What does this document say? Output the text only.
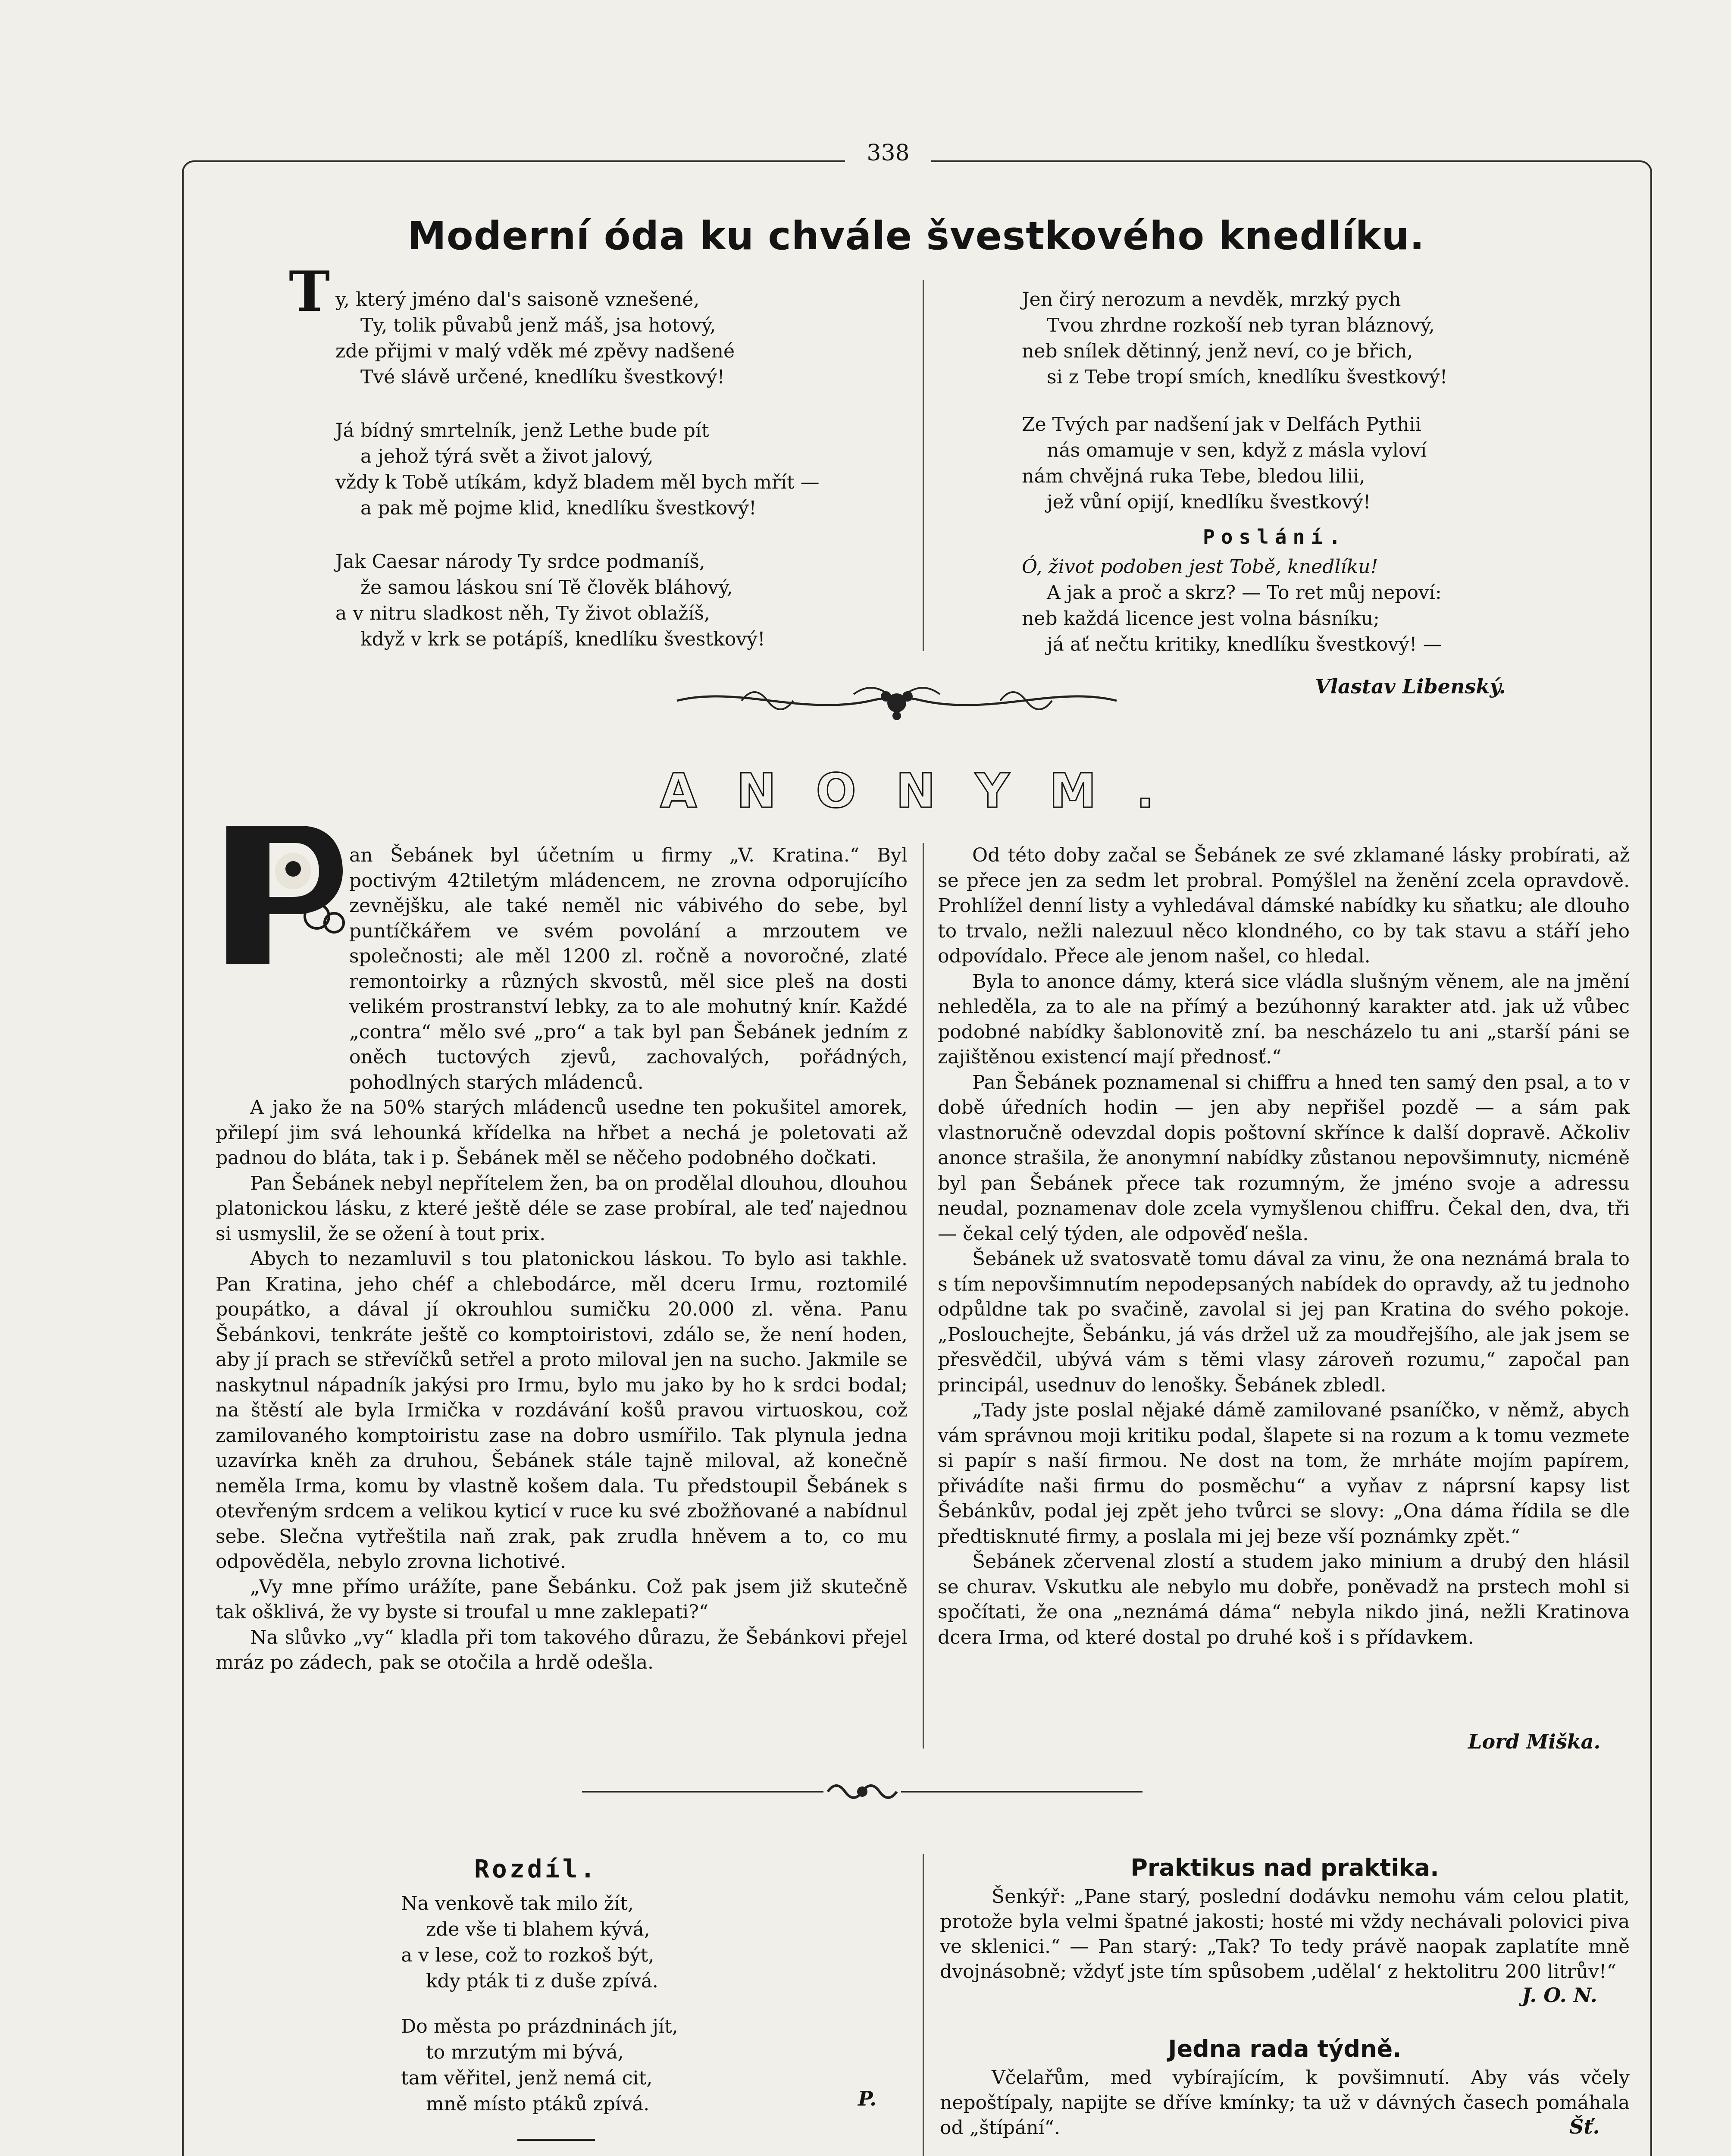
338
Moderní óda ku chvále švestkového knedlíku.
T y, který jméno dal's saisoně vznešené,

Ty, tolik půvabů jenž máš, jsa hotový,

zde přijmi v malý vděk mé zpěvy nadšené

Tvé slávě určené, knedlíku švestkový!

Já bídný smrtelník, jenž Lethe bude pít

a jehož týrá svět a život jalový,

vždy k Tobě utíkám, když bladem měl bych mřít —

a pak mě pojme klid, knedlíku švestkový!

Jak Caesar národy Ty srdce podmaníš,

že samou láskou sní Tě člověk bláhový,

a v nitru sladkost něh, Ty život oblažíš,

když v krk se potápíš, knedlíku švestkový!

Jen čirý nerozum a nevděk, mrzký pych

Tvou zhrdne rozkoší neb tyran bláznový,

neb snílek dětinný, jenž neví, co je břich,

si z Tebe tropí smích, knedlíku švestkový!

Ze Tvých par nadšení jak v Delfách Pythii

nás omamuje v sen, když z másla vyloví

nám chvějná ruka Tebe, bledou lilii,

jež vůní opijí, knedlíku švestkový!

Poslání.

Ó, život podoben jest Tobě, knedlíku!

A jak a proč a skrz? — To ret můj nepoví:

neb každá licence jest volna básníku;

já ať nečtu kritiky, knedlíku švestkový! —

Vlastav Libenský.
ANONYM.
P

an Šebánek byl účetním u firmy „V. Kratina.“ Byl poctivým 42tiletým mládencem, ne zrovna odporujícího zevnějšku, ale také neměl nic vábivého do sebe, byl puntíčkářem ve svém povolání a mrzoutem ve společnosti; ale měl 1200 zl. ročně a novoročné, zlaté remontoirky a různých skvostů, měl sice pleš na dosti velikém prostranství lebky, za to ale mohutný knír. Každé „contra“ mělo své „pro“ a tak byl pan Šebánek jedním z oněch tuctových zjevů, zachovalých, pořádných, pohodlných starých mládenců.

A jako že na 50% starých mládenců usedne ten pokušitel amorek, přilepí jim svá lehounká křídelka na hřbet a nechá je poletovati až padnou do bláta, tak i p. Šebánek měl se něčeho podobného dočkati.

Pan Šebánek nebyl nepřítelem žen, ba on prodělal dlouhou, dlouhou platonickou lásku, z které ještě déle se zase probíral, ale teď najednou si usmyslil, že se ožení à tout prix.

Abych to nezamluvil s tou platonickou láskou. To bylo asi takhle. Pan Kratina, jeho chéf a chlebodárce, měl dceru Irmu, roztomilé poupátko, a dával jí okrouhlou sumičku 20.000 zl. věna. Panu Šebánkovi, tenkráte ještě co komptoiristovi, zdálo se, že není hoden, aby jí prach se střevíčků setřel a proto miloval jen na sucho. Jakmile se naskytnul nápadník jakýsi pro Irmu, bylo mu jako by ho k srdci bodal; na štěstí ale byla Irmička v rozdávání košů pravou virtuoskou, což zamilovaného komptoiristu zase na dobro usmířilo. Tak plynula jedna uzavírka kněh za druhou, Šebánek stále tajně miloval, až konečně neměla Irma, komu by vlastně košem dala. Tu předstoupil Šebánek s otevřeným srdcem a velikou kyticí v ruce ku své zbožňované a nabídnul sebe. Slečna vytřeštila naň zrak, pak zrudla hněvem a to, co mu odpověděla, nebylo zrovna lichotivé.

„Vy mne přímo urážíte, pane Šebánku. Což pak jsem již skutečně tak ošklivá, že vy byste si troufal u mne zaklepati?“

Na slůvko „vy“ kladla při tom takového důrazu, že Šebánkovi přejel mráz po zádech, pak se otočila a hrdě odešla.

Od této doby začal se Šebánek ze své zklamané lásky probírati, až se přece jen za sedm let probral. Pomýšlel na ženění zcela opravdově. Prohlížel denní listy a vyhledával dámské nabídky ku sňatku; ale dlouho to trvalo, nežli nalezuul něco klondného, co by tak stavu a stáří jeho odpovídalo. Přece ale jenom našel, co hledal.

Byla to anonce dámy, která sice vládla slušným věnem, ale na jmění nehleděla, za to ale na přímý a bezúhonný karakter atd. jak už vůbec podobné nabídky šablonovitě zní. ba nescházelo tu ani „starší páni se zajištěnou existencí mají přednosť.“

Pan Šebánek poznamenal si chiffru a hned ten samý den psal, a to v době úředních hodin — jen aby nepřišel pozdě — a sám pak vlastnoručně odevzdal dopis poštovní skřínce k další dopravě. Ačkoliv anonce strašila, že anonymní nabídky zůstanou nepovšimnuty, nicméně byl pan Šebánek přece tak rozumným, že jméno svoje a adressu neudal, poznamenav dole zcela vymyšlenou chiffru. Čekal den, dva, tři — čekal celý týden, ale odpověď nešla.

Šebánek už svatosvatě tomu dával za vinu, že ona neznámá brala to s tím nepovšimnutím nepodepsaných nabídek do opravdy, až tu jednoho odpůldne tak po svačině, zavolal si jej pan Kratina do svého pokoje. „Poslouchejte, Šebánku, já vás držel už za moudřejšího, ale jak jsem se přesvědčil, ubývá vám s těmi vlasy zároveň rozumu,“ započal pan principál, usednuv do lenošky. Šebánek zbledl.

„Tady jste poslal nějaké dámě zamilované psaníčko, v němž, abych vám správnou moji kritiku podal, šlapete si na rozum a k tomu vezmete si papír s naší firmou. Ne dost na tom, že mrháte mojím papírem, přivádíte naši firmu do posměchu“ a vyňav z náprsní kapsy list Šebánkův, podal jej zpět jeho tvůrci se slovy: „Ona dáma řídila se dle předtisknuté firmy, a poslala mi jej beze vší poznámky zpět.“

Šebánek zčervenal zlostí a studem jako minium a drubý den hlásil se churav. Vskutku ale nebylo mu dobře, poněvadž na prstech mohl si spočítati, že ona „neznámá dáma“ nebyla nikdo jiná, nežli Kratinova dcera Irma, od které dostal po druhé koš i s přídavkem.

Lord Miška.
Rozdíl.

Na venkově tak milo žít,

zde vše ti blahem kývá,

a v lese, což to rozkoš být,

kdy pták ti z duše zpívá.

Do města po prázdninách jít,

to mrzutým mi bývá,

tam věřitel, jenž nemá cit,

mně místo ptáků zpívá.	P.
Praktikus nad praktika.

Šenkýř: „Pane starý, poslední dodávku nemohu vám celou platit, protože byla velmi špatné jakosti; hosté mi vždy nechávali polovici piva ve sklenici.“ — Pan starý: „Tak? To tedy právě naopak zaplatíte mně dvojnásobně; vždyť jste tím spůsobem ‚udělal‘ z hektolitru 200 litrův!“

J. O. N.
Jedna rada týdně.

Včelařům, med vybírajícím, k povšimnutí. Aby vás včely nepoštípaly, napijte se dříve kmínky; ta už v dávných časech pomáhala od „štípání“.	Šť.
